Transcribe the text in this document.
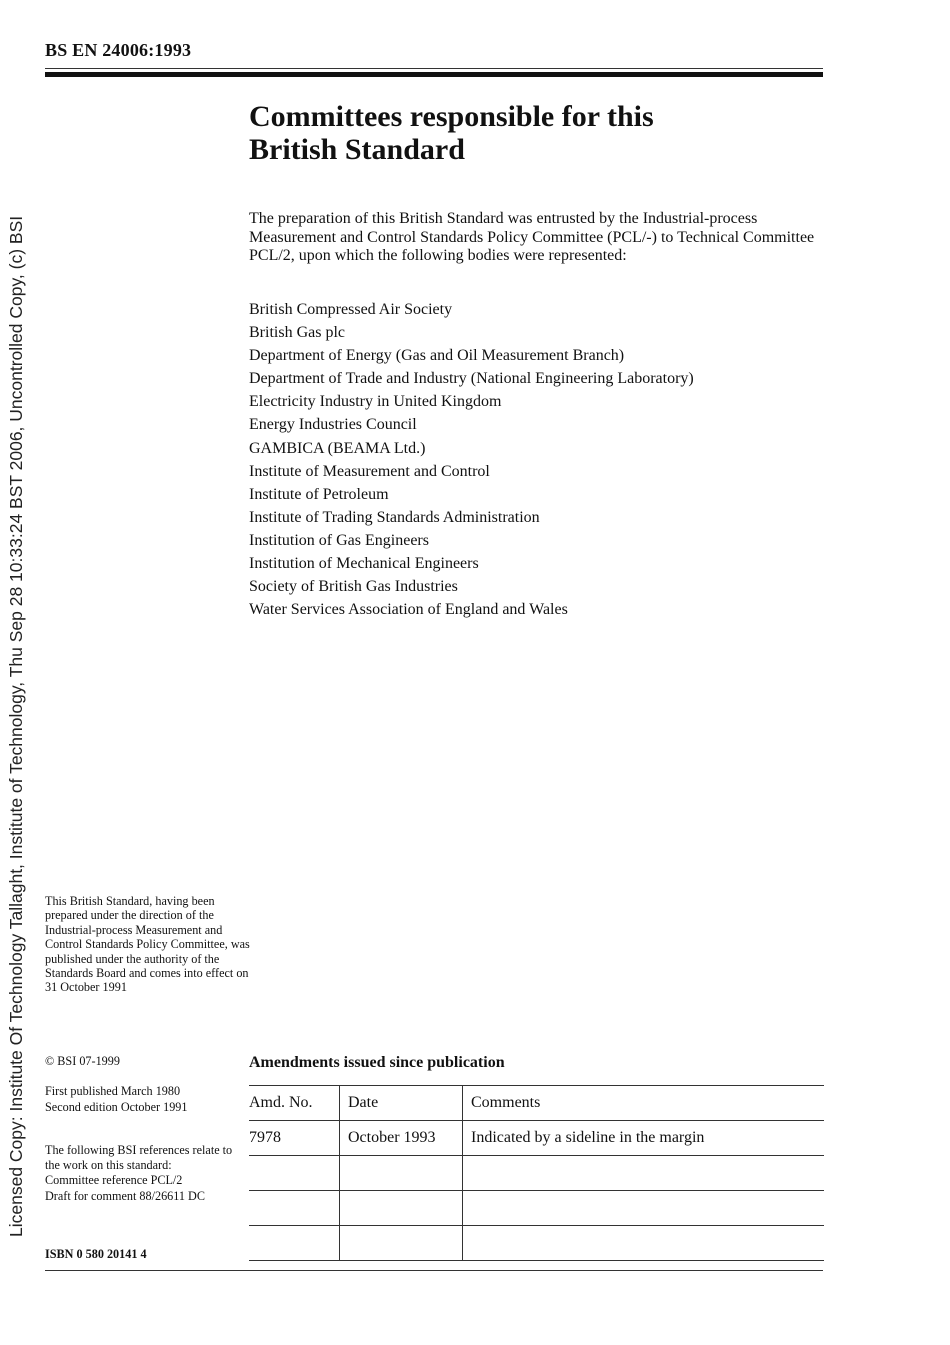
BS EN 24006:1993
Licensed Copy: Institute Of Technology Tallaght, Institute of Technology, Thu Sep 28 10:33:24 BST 2006, Uncontrolled Copy, (c) BSI
Committees responsible for this
British Standard

The preparation of this British Standard was entrusted by the Industrial-process Measurement and Control Standards Policy Committee (PCL/-) to Technical Committee PCL/2, upon which the following bodies were represented:

British Compressed Air Society
British Gas plc
Department of Energy (Gas and Oil Measurement Branch)
Department of Trade and Industry (National Engineering Laboratory)
Electricity Industry in United Kingdom
Energy Industries Council
GAMBICA (BEAMA Ltd.)
Institute of Measurement and Control
Institute of Petroleum
Institute of Trading Standards Administration
Institution of Gas Engineers
Institution of Mechanical Engineers
Society of British Gas Industries
Water Services Association of England and Wales

This British Standard, having been prepared under the direction of the Industrial-process Measurement and Control Standards Policy Committee, was published under the authority of the Standards Board and comes into effect on 31 October 1991

© BSI 07-1999
First published March 1980
Second edition October 1991
The following BSI references relate to the work on this standard:
Committee reference PCL/2
Draft for comment 88/26611 DC
ISBN 0 580 20141 4
Amendments issued since publication
Amd. No.	Date	Comments
7978	October 1993	Indicated by a sideline in the margin
